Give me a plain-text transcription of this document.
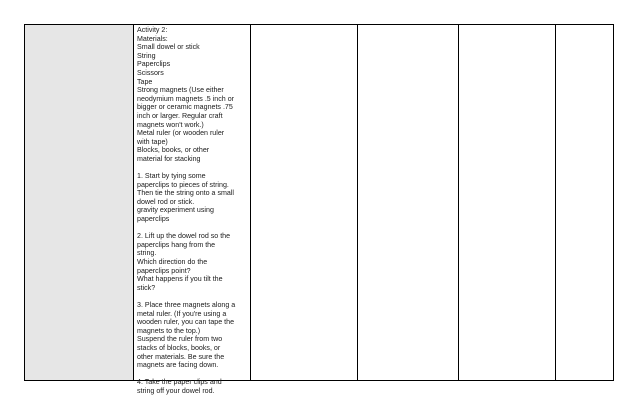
Activity 2:
Materials:
Small dowel or stick
String
Paperclips
Scissors
Tape
Strong magnets (Use either
neodymium magnets .5 inch or
bigger or ceramic magnets .75
inch or larger. Regular craft
magnets won't work.)
Metal ruler (or wooden ruler
with tape)
Blocks, books, or other
material for stacking
1. Start by tying some
paperclips to pieces of string.
Then tie the string onto a small
dowel rod or stick.
gravity experiment using
paperclips
2. Lift up the dowel rod so the
paperclips hang from the
string.
Which direction do the
paperclips point?
What happens if you tilt the
stick?
3. Place three magnets along a
metal ruler. (If you're using a
wooden ruler, you can tape the
magnets to the top.)
Suspend the ruler from two
stacks of blocks, books, or
other materials. Be sure the
magnets are facing down.
4. Take the paper clips and
string off your dowel rod.
